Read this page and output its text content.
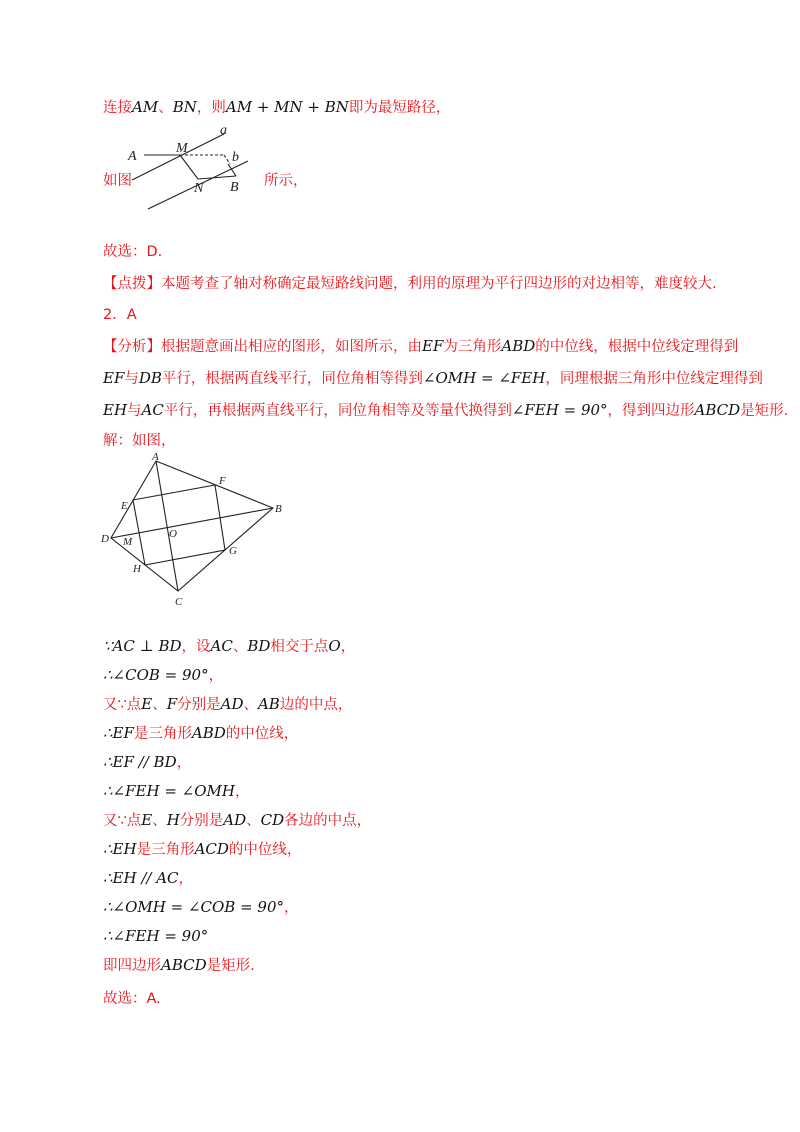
连接AM、BN，则AM + MN + BN即为最短路径，
A
M
a
b
N B
如图	所示，
故选：D.
【点拨】本题考查了轴对称确定最短路线问题，利用的原理为平行四边形的对边相等，难度较大.
2．A
【分析】根据题意画出相应的图形，如图所示，由EF为三角形ABD的中位线，根据中位线定理得到
EF与DB平行，根据两直线平行，同位角相等得到∠OMH = ∠FEH，同理根据三角形中位线定理得到
EH与AC平行，再根据两直线平行，同位角相等及等量代换得到∠FEH = 90°，得到四边形ABCD是矩形.
解：如图，
A
F
B
E
D M
O
G
H
C
∵AC ⊥ BD，设AC、BD相交于点O，
∴∠COB = 90°，
又∵点E、F分别是AD、AB边的中点，
∴EF是三角形ABD的中位线，
∴EF // BD，
∴∠FEH = ∠OMH，
又∵点E、H分别是AD、CD各边的中点，
∴EH是三角形ACD的中位线，
∴EH // AC，
∴∠OMH = ∠COB = 90°，
∴∠FEH = 90°
即四边形ABCD是矩形.
故选：A.
